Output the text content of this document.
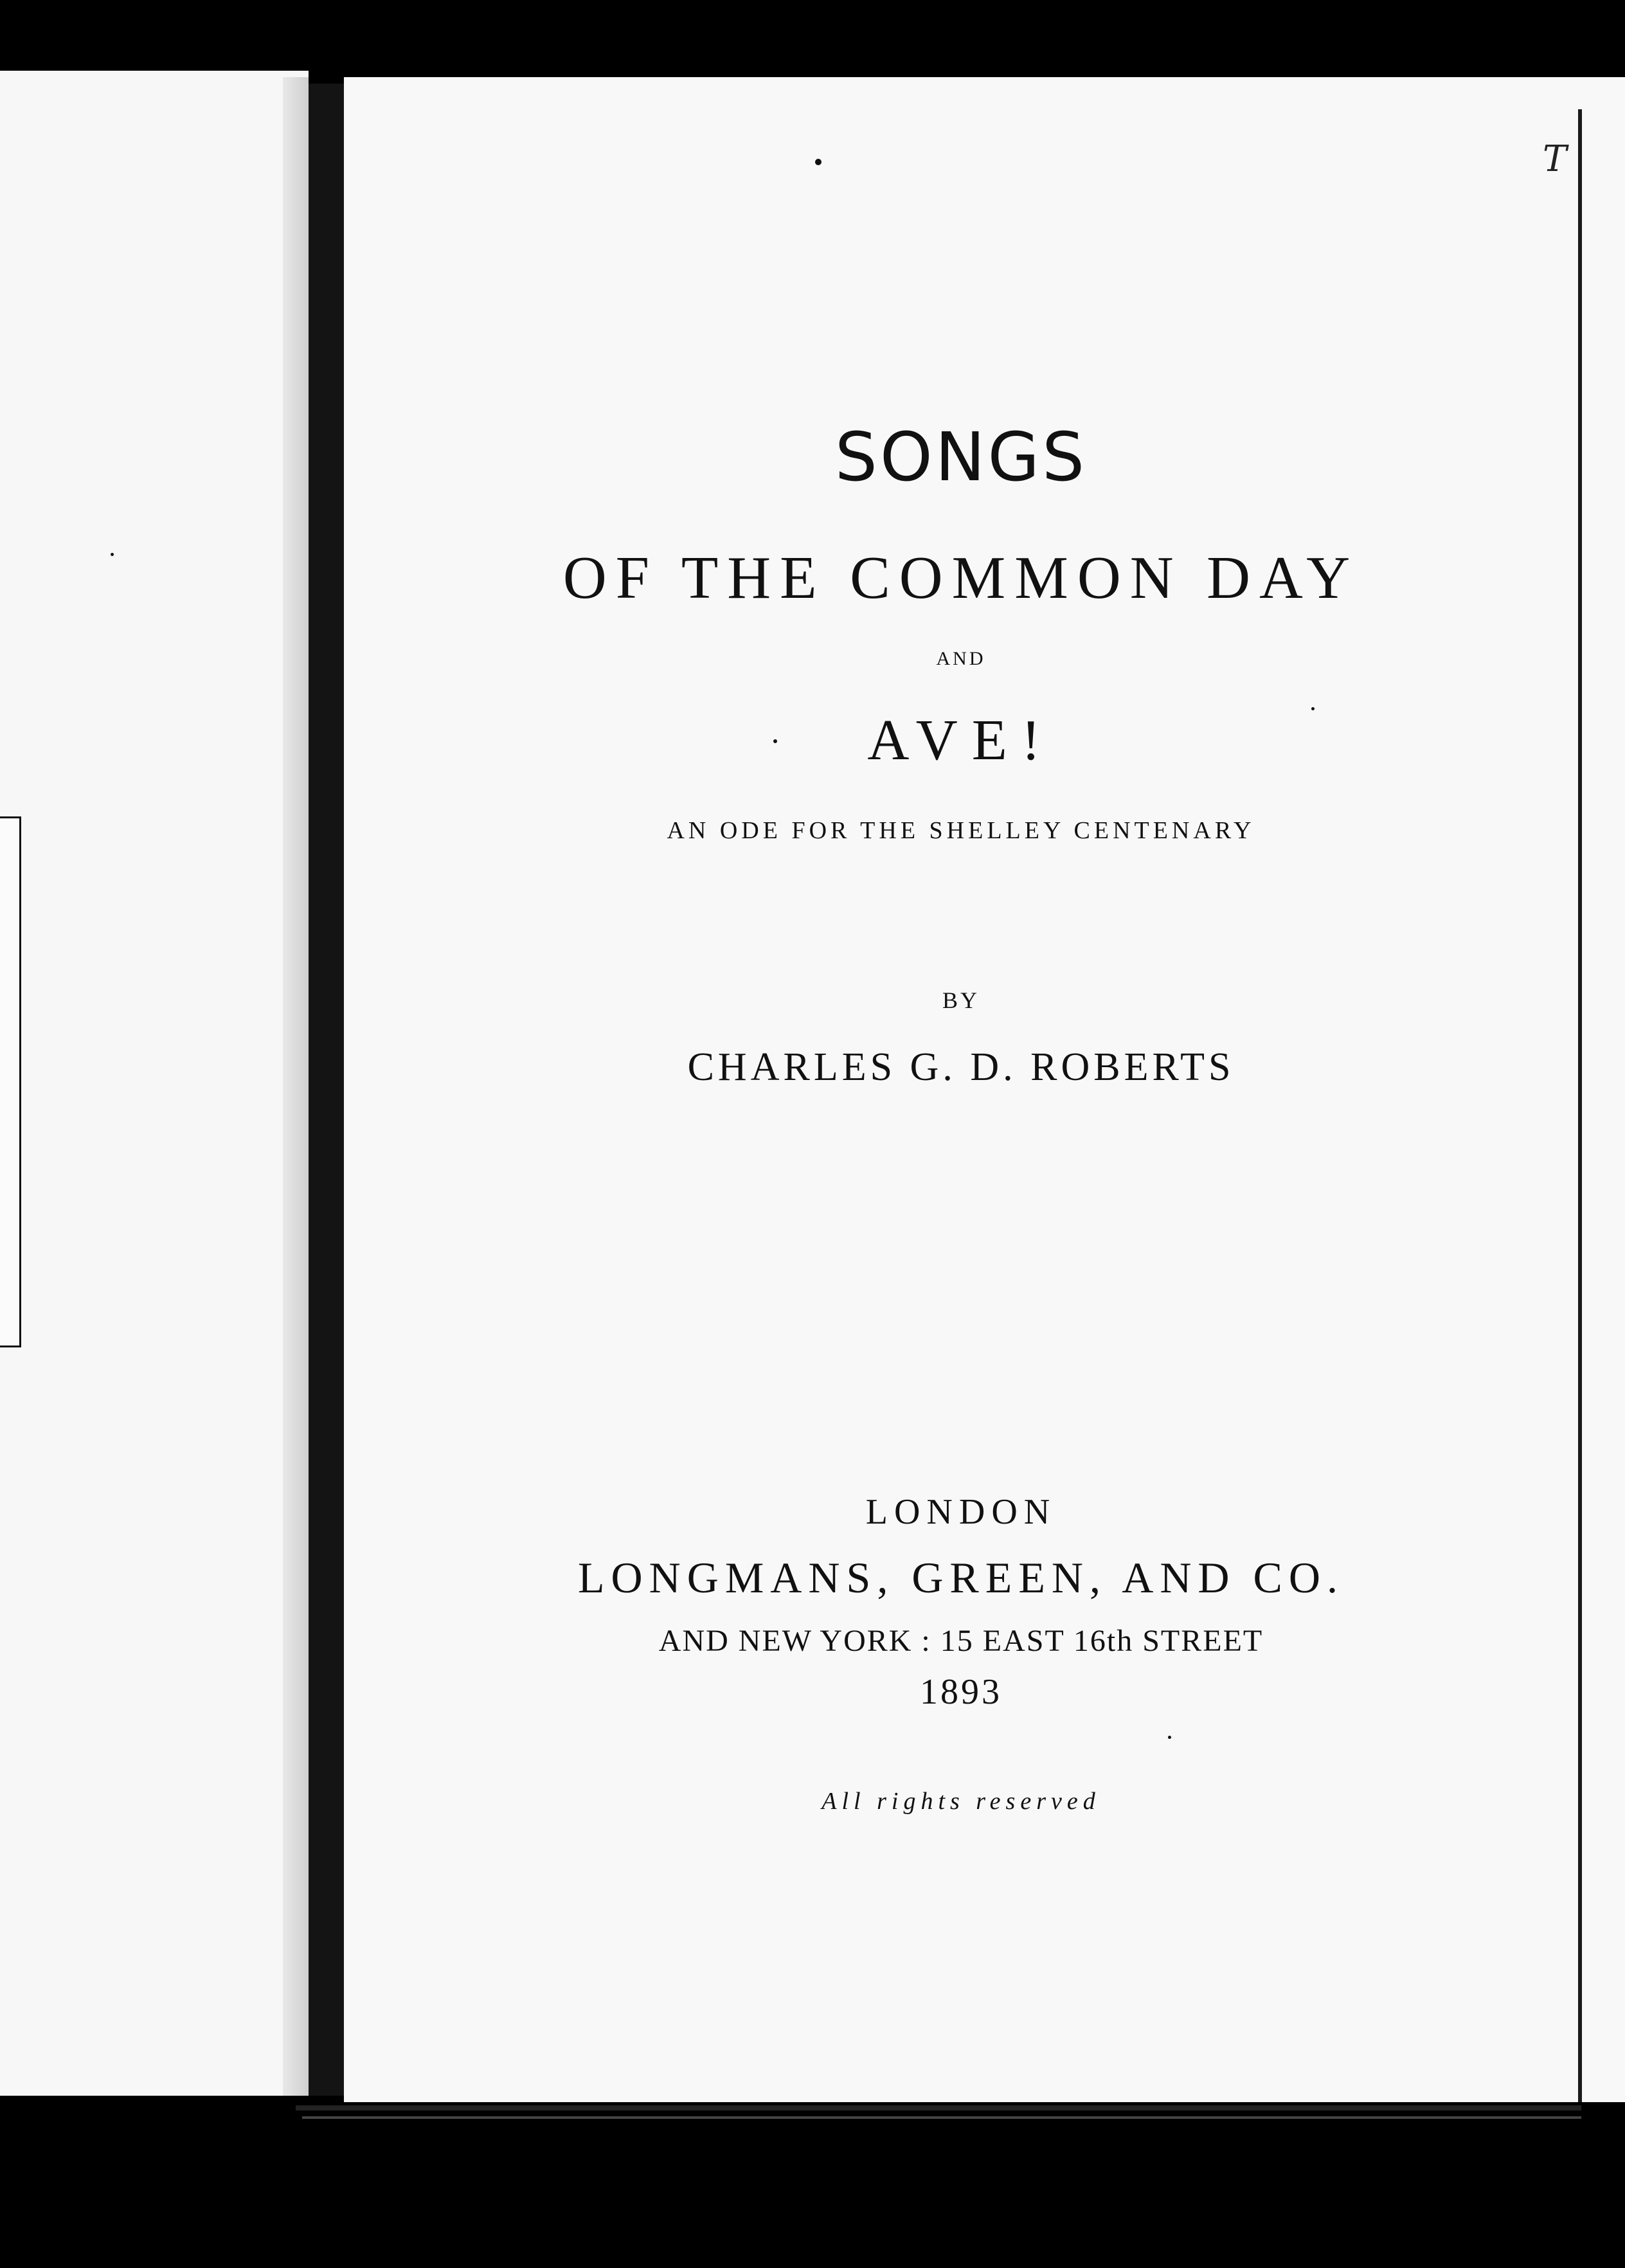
T
SONGS
OF THE COMMON DAY
AND
AVE!
AN ODE FOR THE SHELLEY CENTENARY
BY
CHARLES G. D. ROBERTS
LONDON
LONGMANS, GREEN, AND CO.
AND NEW YORK : 15 EAST 16th STREET
1893
All rights reserved
